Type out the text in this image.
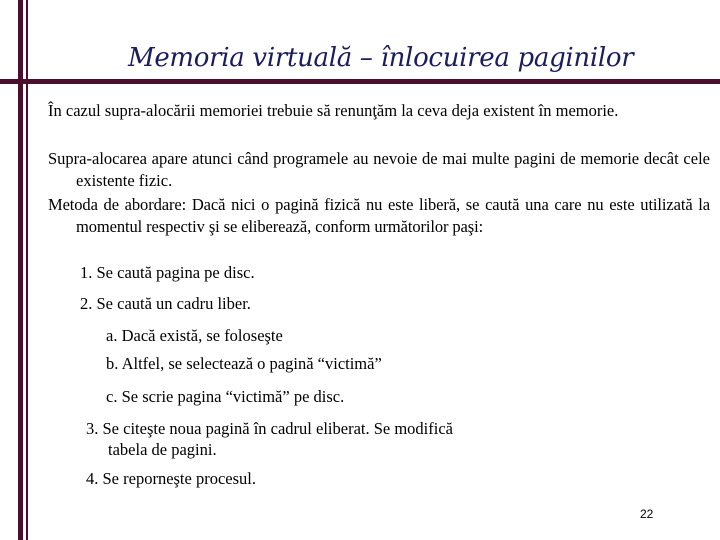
Memoria virtuală – înlocuirea paginilor
În cazul supra-alocării memoriei trebuie să renunţăm la ceva deja existent în memorie.
Supra-alocarea apare atunci când programele au nevoie de mai multe pagini de memorie decât cele existente fizic.
Metoda de abordare: Dacă nici o pagină fizică nu este liberă, se caută una care nu este utilizată la momentul respectiv şi se eliberează, conform următorilor paşi:
1. Se caută pagina pe disc.
2. Se caută un cadru liber.
a. Dacă există, se foloseşte
b. Altfel, se selectează o pagină “victimă”
c. Se scrie pagina “victimă” pe disc.
3. Se citeşte noua pagină în cadrul eliberat. Se modifică
tabela de pagini.
4. Se reporneşte procesul.
22
